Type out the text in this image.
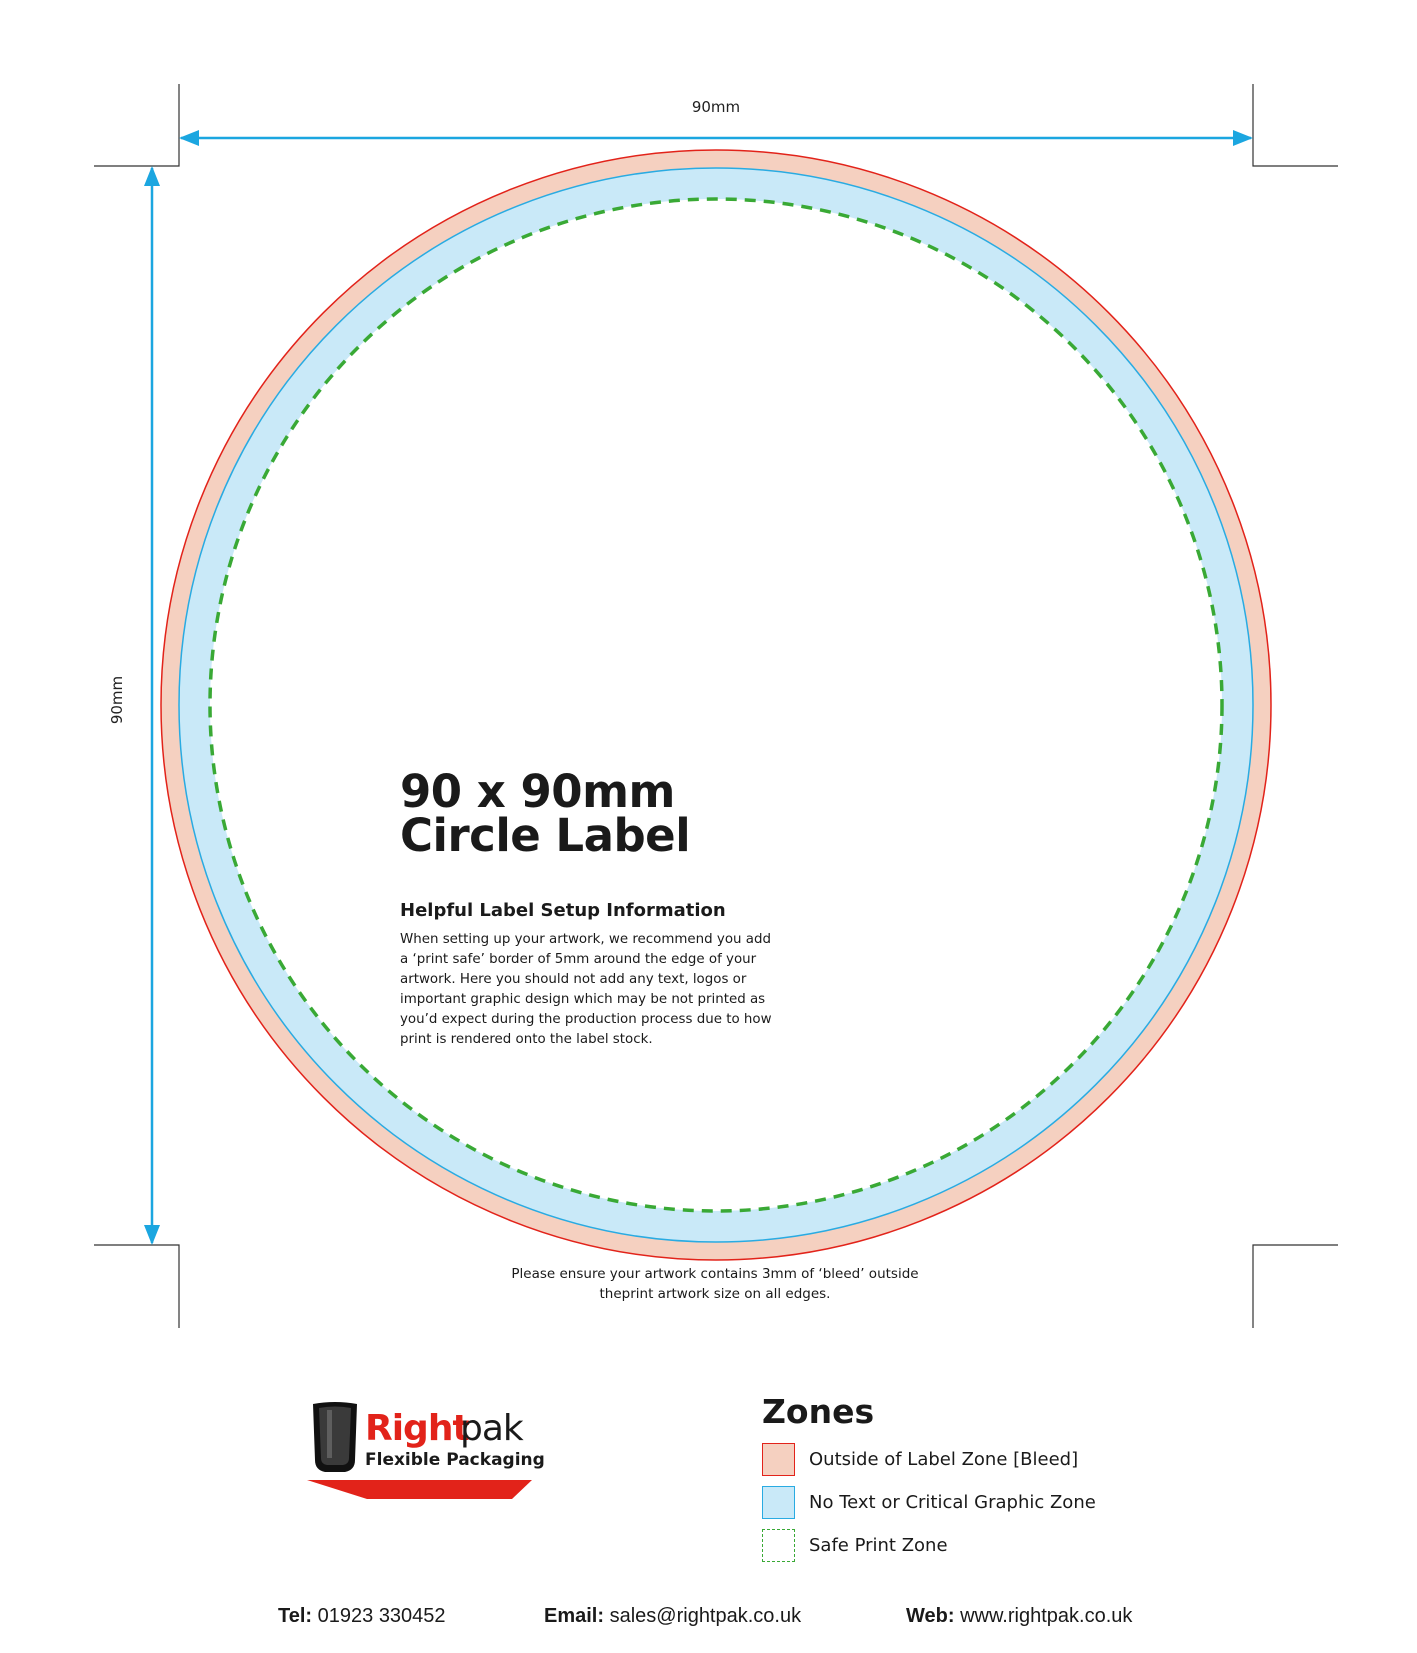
90mm
90mm
90 x 90mm
Circle Label
Helpful Label Setup Information
When setting up your artwork, we recommend you add
a ‘print safe’ border of 5mm around the edge of your
artwork. Here you should not add any text, logos or
important graphic design which may be not printed as
you’d expect during the production process due to how
print is rendered onto the label stock.
Please ensure your artwork contains 3mm of ‘bleed’ outside
theprint artwork size on all edges.
Right
pak
Flexible Packaging
Zones
Outside of Label Zone [Bleed]
No Text or Critical Graphic Zone
Safe Print Zone
Tel: 01923 330452	Email: sales@rightpak.co.uk	Web: www.rightpak.co.uk
